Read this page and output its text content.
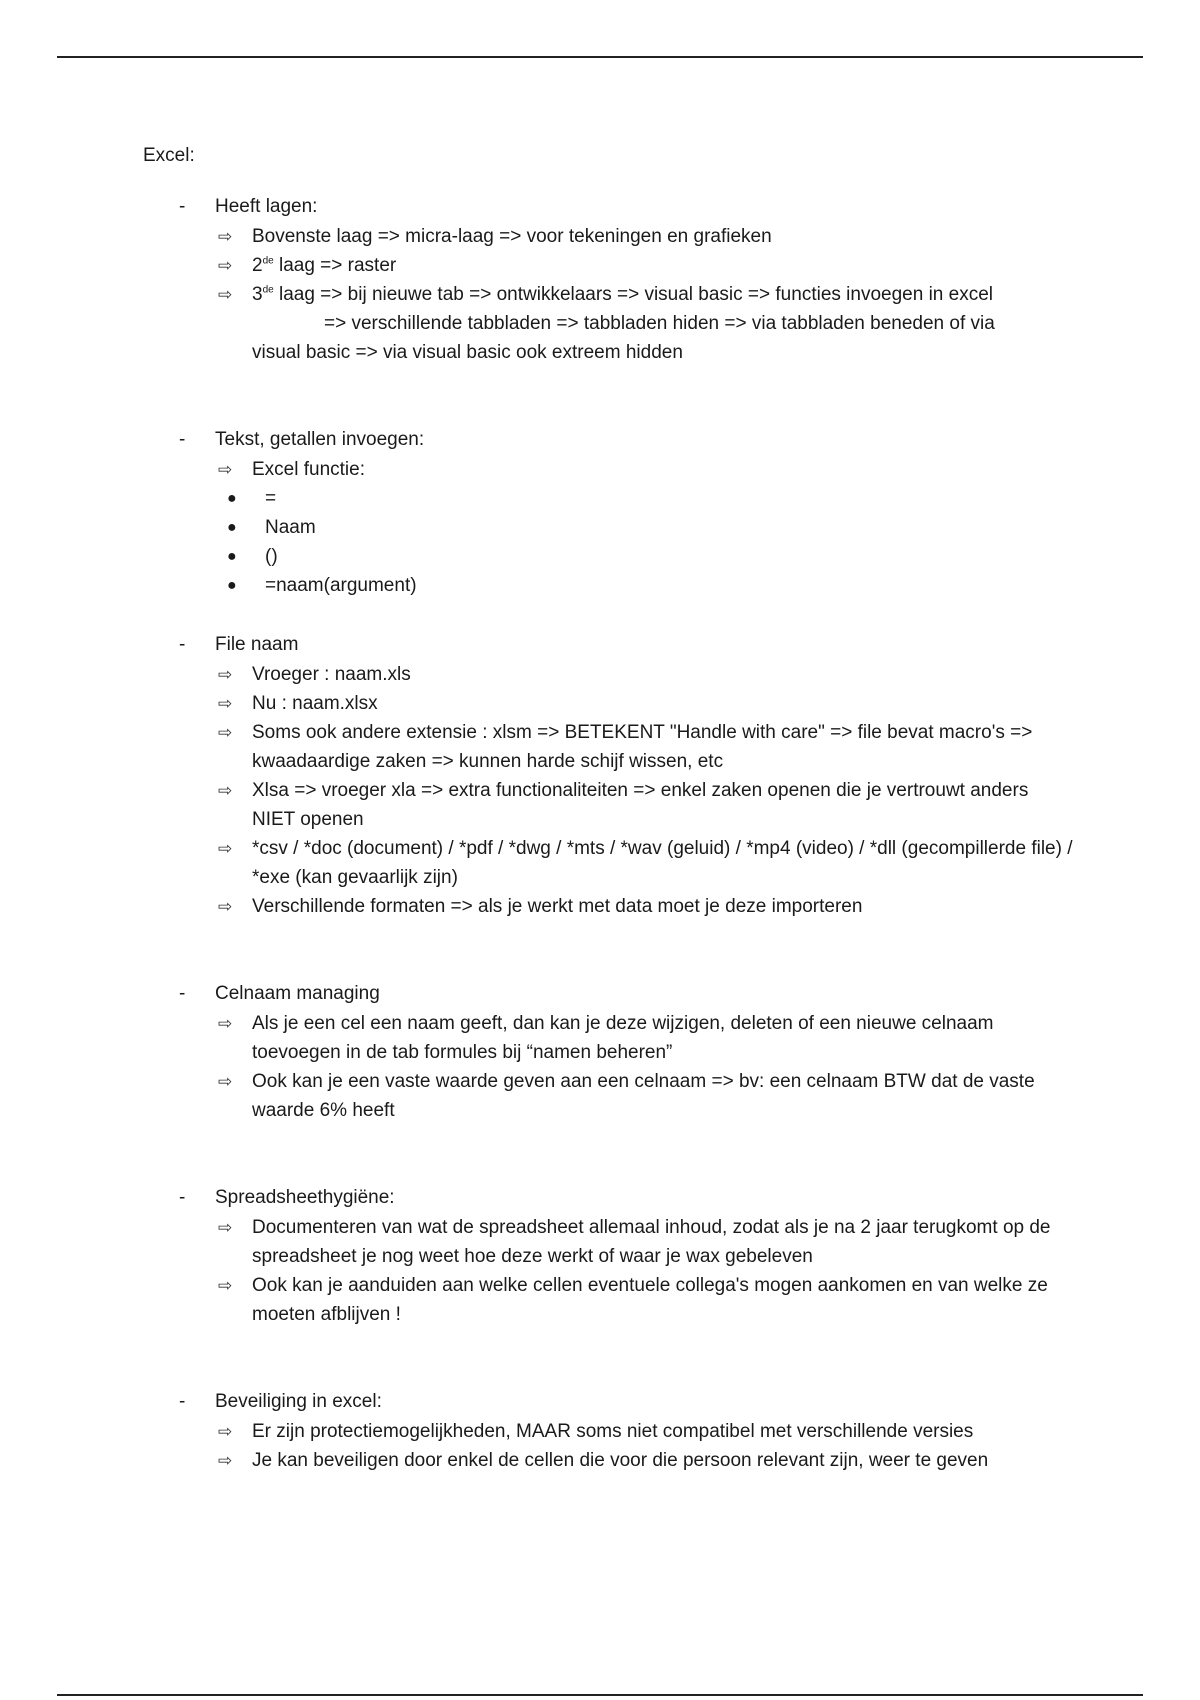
Excel:
- Heeft lagen:
⇨ Bovenste laag => micra-laag => voor tekeningen en grafieken
⇨ 2de laag => raster
⇨ 3de laag => bij nieuwe tab => ontwikkelaars => visual basic => functies invoegen in excel
=> verschillende tabbladen => tabbladen hiden => via tabbladen beneden of via
visual basic => via visual basic ook extreem hidden
- Tekst, getallen invoegen:
⇨ Excel functie:
● =
● Naam
● ()
● =naam(argument)
- File naam
⇨ Vroeger : naam.xls
⇨ Nu : naam.xlsx
⇨ Soms ook andere extensie : xlsm => BETEKENT "Handle with care" => file bevat macro's => kwaadaardige zaken => kunnen harde schijf wissen, etc
⇨ Xlsa => vroeger xla => extra functionaliteiten => enkel zaken openen die je vertrouwt anders NIET openen
⇨ *csv / *doc (document) / *pdf / *dwg / *mts / *wav (geluid) / *mp4 (video) / *dll (gecompillerde file) / *exe (kan gevaarlijk zijn)
⇨ Verschillende formaten => als je werkt met data moet je deze importeren
- Celnaam managing
⇨ Als je een cel een naam geeft, dan kan je deze wijzigen, deleten of een nieuwe celnaam toevoegen in de tab formules bij “namen beheren”
⇨ Ook kan je een vaste waarde geven aan een celnaam => bv: een celnaam BTW dat de vaste waarde 6% heeft
- Spreadsheethygiëne:
⇨ Documenteren van wat de spreadsheet allemaal inhoud, zodat als je na 2 jaar terugkomt op de spreadsheet je nog weet hoe deze werkt of waar je wax gebeleven
⇨ Ook kan je aanduiden aan welke cellen eventuele collega's mogen aankomen en van welke ze moeten afblijven !
- Beveiliging in excel:
⇨ Er zijn protectiemogelijkheden, MAAR soms niet compatibel met verschillende versies
⇨ Je kan beveiligen door enkel de cellen die voor die persoon relevant zijn, weer te geven
